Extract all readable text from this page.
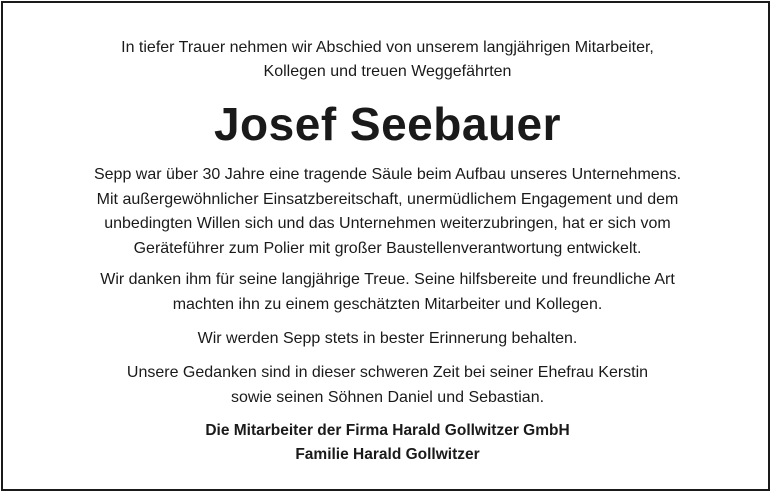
In tiefer Trauer nehmen wir Abschied von unserem langjährigen Mitarbeiter,
Kollegen und treuen Weggefährten
Josef Seebauer
Sepp war über 30 Jahre eine tragende Säule beim Aufbau unseres Unternehmens.
Mit außergewöhnlicher Einsatzbereitschaft, unermüdlichem Engagement und dem
unbedingten Willen sich und das Unternehmen weiterzubringen, hat er sich vom
Geräteführer zum Polier mit großer Baustellenverantwortung entwickelt.
Wir danken ihm für seine langjährige Treue. Seine hilfsbereite und freundliche Art
machten ihn zu einem geschätzten Mitarbeiter und Kollegen.
Wir werden Sepp stets in bester Erinnerung behalten.
Unsere Gedanken sind in dieser schweren Zeit bei seiner Ehefrau Kerstin
sowie seinen Söhnen Daniel und Sebastian.
Die Mitarbeiter der Firma Harald Gollwitzer GmbH
Familie Harald Gollwitzer
